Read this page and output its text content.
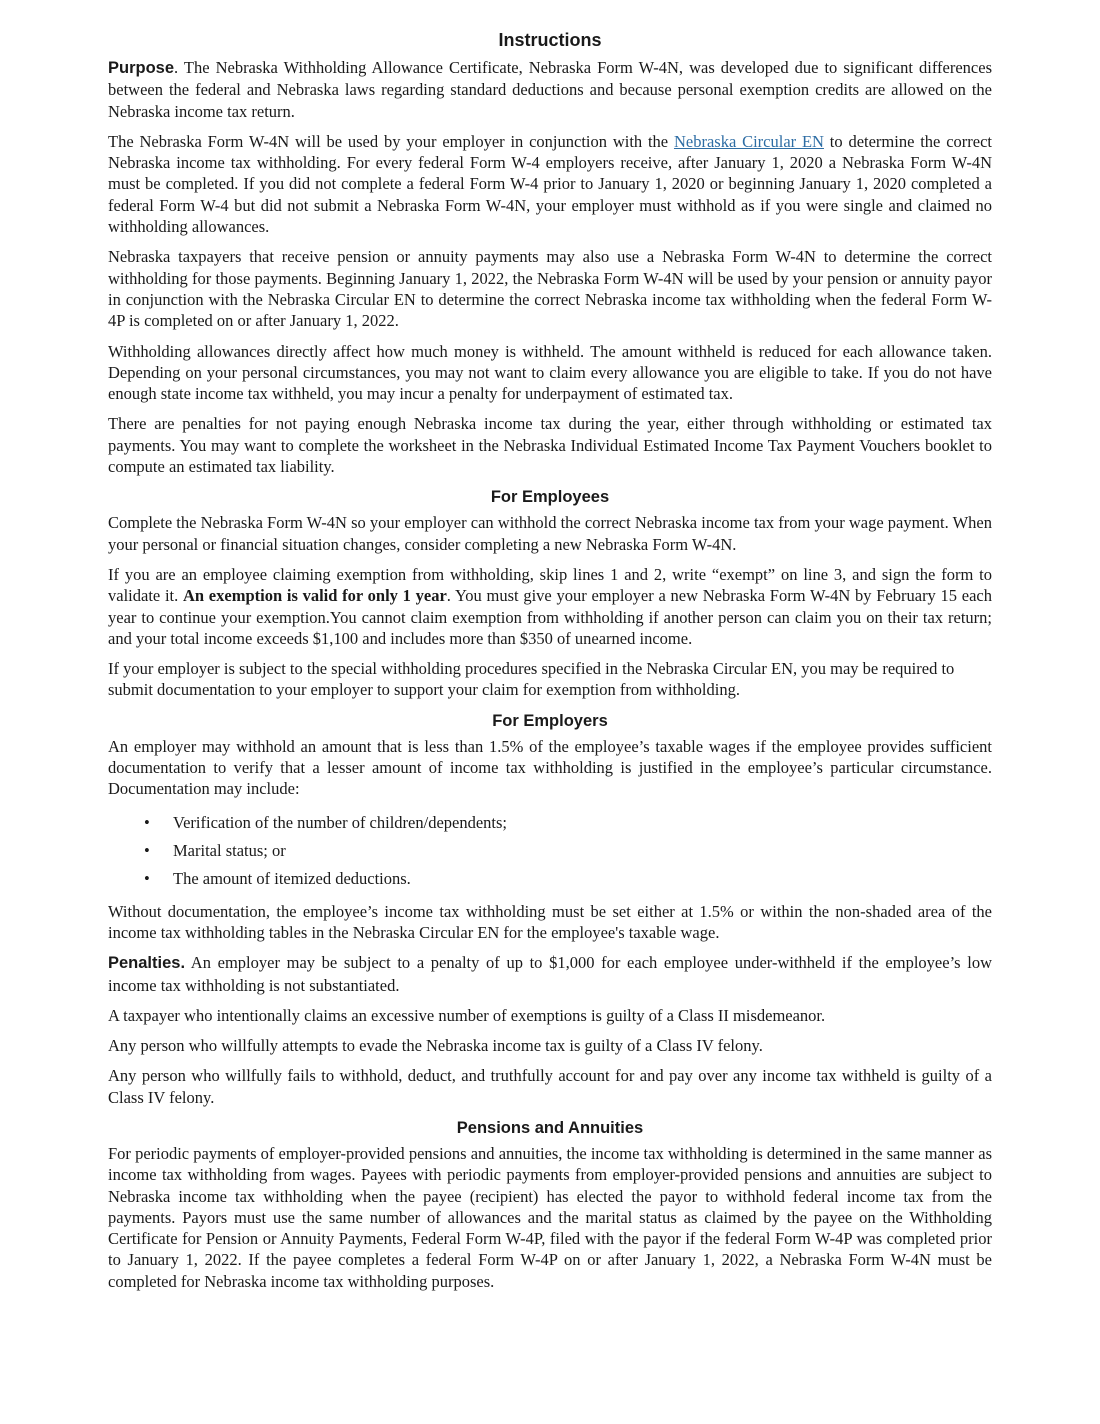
Instructions

Purpose. The Nebraska Withholding Allowance Certificate, Nebraska Form W-4N, was developed due to significant differences between the federal and Nebraska laws regarding standard deductions and because personal exemption credits are allowed on the Nebraska income tax return.

The Nebraska Form W-4N will be used by your employer in conjunction with the Nebraska Circular EN to determine the correct Nebraska income tax withholding. For every federal Form W-4 employers receive, after January 1, 2020 a Nebraska Form W-4N must be completed. If you did not complete a federal Form W-4 prior to January 1, 2020 or beginning January 1, 2020 completed a federal Form W-4 but did not submit a Nebraska Form W-4N, your employer must withhold as if you were single and claimed no withholding allowances.

Nebraska taxpayers that receive pension or annuity payments may also use a Nebraska Form W-4N to determine the correct withholding for those payments. Beginning January 1, 2022, the Nebraska Form W-4N will be used by your pension or annuity payor in conjunction with the Nebraska Circular EN to determine the correct Nebraska income tax withholding when the federal Form W-4P is completed on or after January 1, 2022.

Withholding allowances directly affect how much money is withheld. The amount withheld is reduced for each allowance taken. Depending on your personal circumstances, you may not want to claim every allowance you are eligible to take. If you do not have enough state income tax withheld, you may incur a penalty for underpayment of estimated tax.

There are penalties for not paying enough Nebraska income tax during the year, either through withholding or estimated tax payments. You may want to complete the worksheet in the Nebraska Individual Estimated Income Tax Payment Vouchers booklet to compute an estimated tax liability.

For Employees

Complete the Nebraska Form W-4N so your employer can withhold the correct Nebraska income tax from your wage payment. When your personal or financial situation changes, consider completing a new Nebraska Form W-4N.

If you are an employee claiming exemption from withholding, skip lines 1 and 2, write “exempt” on line 3, and sign the form to validate it. An exemption is valid for only 1 year. You must give your employer a new Nebraska Form W-4N by February 15 each year to continue your exemption.You cannot claim exemption from withholding if another person can claim you on their tax return; and your total income exceeds $1,100 and includes more than $350 of unearned income.

If your employer is subject to the special withholding procedures specified in the Nebraska Circular EN, you may be required to submit documentation to your employer to support your claim for exemption from withholding.

For Employers

An employer may withhold an amount that is less than 1.5% of the employee’s taxable wages if the employee provides sufficient documentation to verify that a lesser amount of income tax withholding is justified in the employee’s particular circumstance. Documentation may include:

• Verification of the number of children/dependents;
• Marital status; or
• The amount of itemized deductions.

Without documentation, the employee’s income tax withholding must be set either at 1.5% or within the non-shaded area of the income tax withholding tables in the Nebraska Circular EN for the employee's taxable wage.

Penalties. An employer may be subject to a penalty of up to $1,000 for each employee under-withheld if the employee’s low income tax withholding is not substantiated.

A taxpayer who intentionally claims an excessive number of exemptions is guilty of a Class II misdemeanor.

Any person who willfully attempts to evade the Nebraska income tax is guilty of a Class IV felony.

Any person who willfully fails to withhold, deduct, and truthfully account for and pay over any income tax withheld is guilty of a Class IV felony.

Pensions and Annuities

For periodic payments of employer-provided pensions and annuities, the income tax withholding is determined in the same manner as income tax withholding from wages. Payees with periodic payments from employer-provided pensions and annuities are subject to Nebraska income tax withholding when the payee (recipient) has elected the payor to withhold federal income tax from the payments. Payors must use the same number of allowances and the marital status as claimed by the payee on the Withholding Certificate for Pension or Annuity Payments, Federal Form W-4P, filed with the payor if the federal Form W-4P was completed prior to January 1, 2022. If the payee completes a federal Form W-4P on or after January 1, 2022, a Nebraska Form W-4N must be completed for Nebraska income tax withholding purposes.
